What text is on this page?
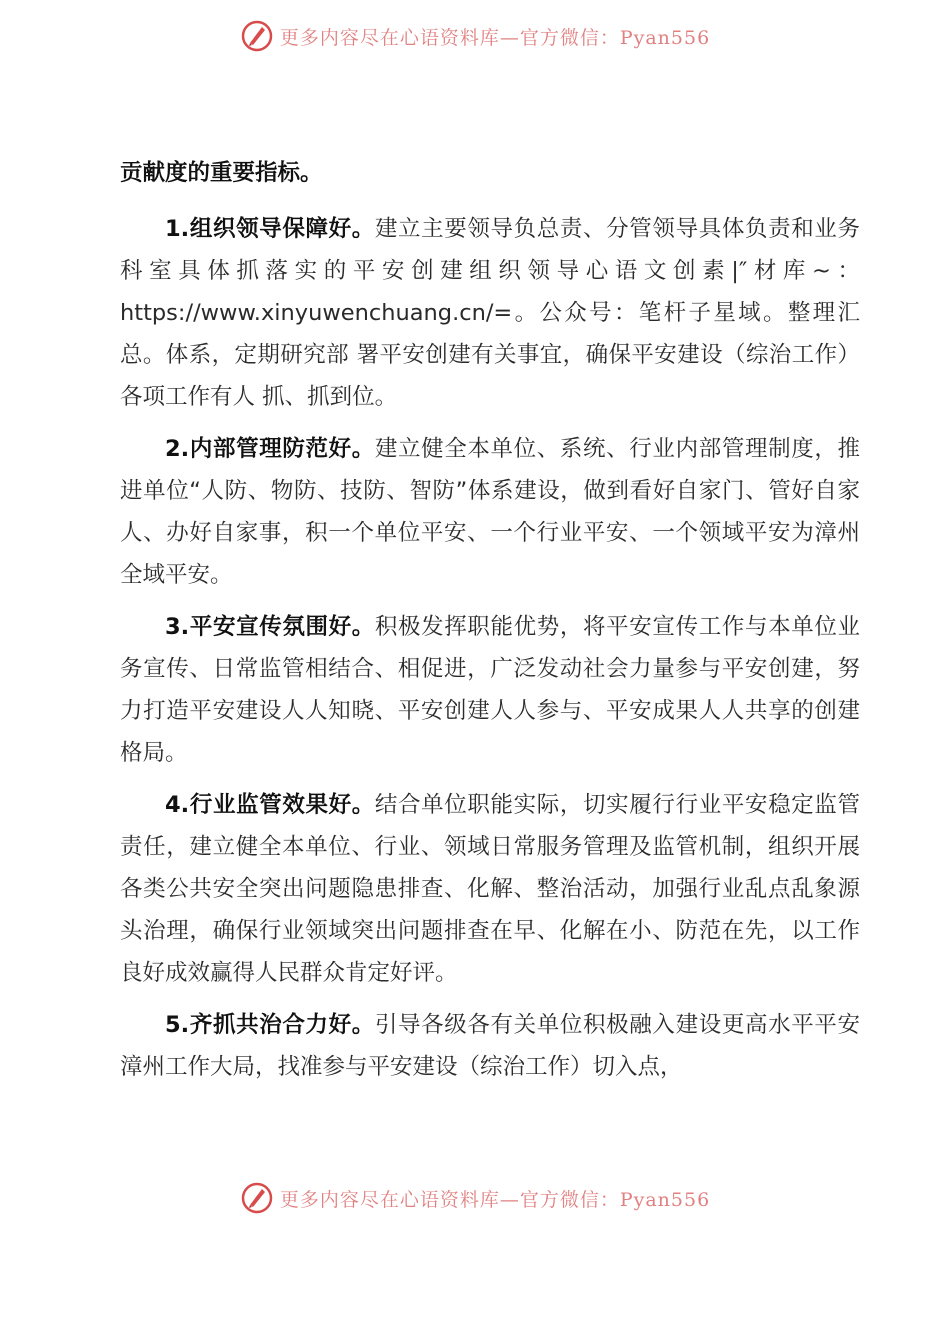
更多内容尽在心语资料库—官方微信：Pyan556

贡献度的重要指标。

1.组织领导保障好。建立主要领导负总责、分管领导具体负责和业务科室具体抓落实的平安创建组织领导心语文创素|″材库~：https://www.xinyuwenchuang.cn/=。公众号：笔杆子星域。整理汇总。体系，定期研究部 署平安创建有关事宜，确保平安建设（综治工作）各项工作有人 抓、抓到位。

2.内部管理防范好。建立健全本单位、系统、行业内部管理制度，推进单位“人防、物防、技防、智防”体系建设，做到看好自家门、管好自家人、办好自家事，积一个单位平安、一个行业平安、一个领域平安为漳州全域平安。

3.平安宣传氛围好。积极发挥职能优势，将平安宣传工作与本单位业务宣传、日常监管相结合、相促进，广泛发动社会力量参与平安创建，努力打造平安建设人人知晓、平安创建人人参与、平安成果人人共享的创建格局。

4.行业监管效果好。结合单位职能实际，切实履行行业平安稳定监管责任，建立健全本单位、行业、领域日常服务管理及监管机制，组织开展各类公共安全突出问题隐患排查、化解、整治活动，加强行业乱点乱象源头治理，确保行业领域突出问题排查在早、化解在小、防范在先，以工作良好成效赢得人民群众肯定好评。

5.齐抓共治合力好。引导各级各有关单位积极融入建设更高水平平安漳州工作大局，找准参与平安建设（综治工作）切入点，

更多内容尽在心语资料库—官方微信：Pyan556
